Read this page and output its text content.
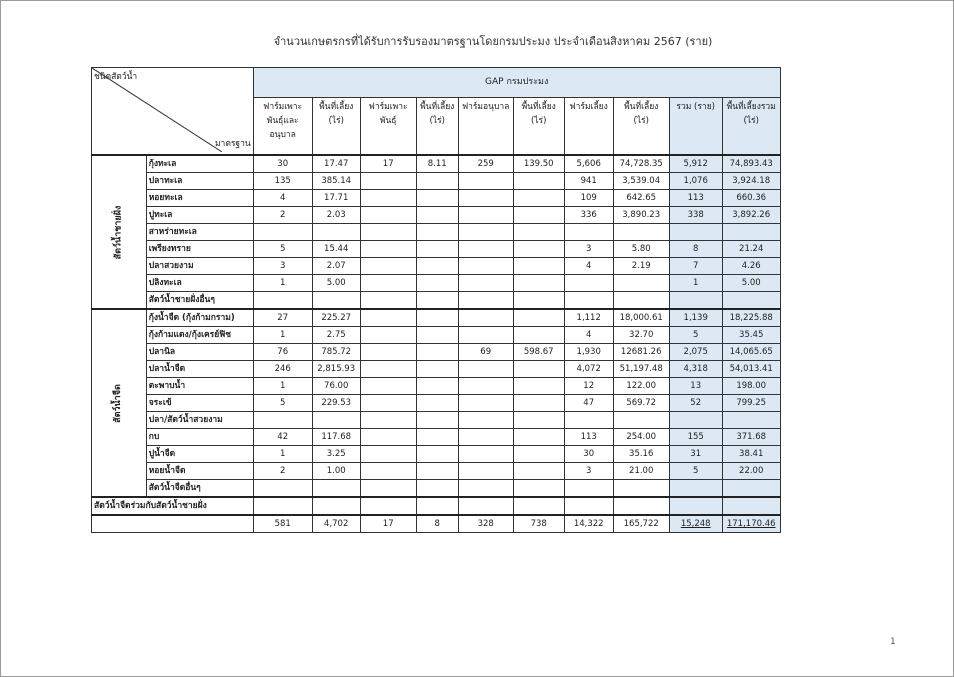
จำนวนเกษตรกรที่ได้รับการรับรองมาตรฐานโดยกรมประมง ประจำเดือนสิงหาคม 2567 (ราย)
ชนิดสัตว์น้ำ
มาตรฐาน		GAP กรมประมง									
		ฟาร์มเพาะพันธุ์และอนุบาล	พื้นที่เลี้ยง (ไร่)	ฟาร์มเพาะพันธุ์	พื้นที่เลี้ยง (ไร่)	ฟาร์มอนุบาล	พื้นที่เลี้ยง (ไร่)	ฟาร์มเลี้ยง	พื้นที่เลี้ยง (ไร่)	รวม (ราย)	พื้นที่เลี้ยงรวม (ไร่)
สัตว์น้ำชายฝั่ง	กุ้งทะเล	30	17.47	17	8.11	259	139.50	5,606	74,728.35	5,912	74,893.43
	ปลาทะเล	135	385.14					941	3,539.04	1,076	3,924.18
	หอยทะเล	4	17.71					109	642.65	113	660.36
	ปูทะเล	2	2.03					336	3,890.23	338	3,892.26
	สาหร่ายทะเล										
	เพรียงทราย	5	15.44					3	5.80	8	21.24
	ปลาสวยงาม	3	2.07					4	2.19	7	4.26
	ปลิงทะเล	1	5.00							1	5.00
	สัตว์น้ำชายฝั่งอื่นๆ										
สัตว์น้ำจืด	กุ้งน้ำจืด (กุ้งก้ามกราม)	27	225.27					1,112	18,000.61	1,139	18,225.88
	กุ้งก้ามแดง/กุ้งเครย์ฟิช	1	2.75					4	32.70	5	35.45
	ปลานิล	76	785.72			69	598.67	1,930	12681.26	2,075	14,065.65
	ปลาน้ำจืด	246	2,815.93					4,072	51,197.48	4,318	54,013.41
	ตะพาบน้ำ	1	76.00					12	122.00	13	198.00
	จระเข้	5	229.53					47	569.72	52	799.25
	ปลา/สัตว์น้ำสวยงาม										
	กบ	42	117.68					113	254.00	155	371.68
	ปูน้ำจืด	1	3.25					30	35.16	31	38.41
	หอยน้ำจืด	2	1.00					3	21.00	5	22.00
	สัตว์น้ำจืดอื่นๆ										
สัตว์น้ำจืดร่วมกับสัตว์น้ำชายฝั่ง											
		581	4,702	17	8	328	738	14,322	165,722	15,248	171,170.46
1
